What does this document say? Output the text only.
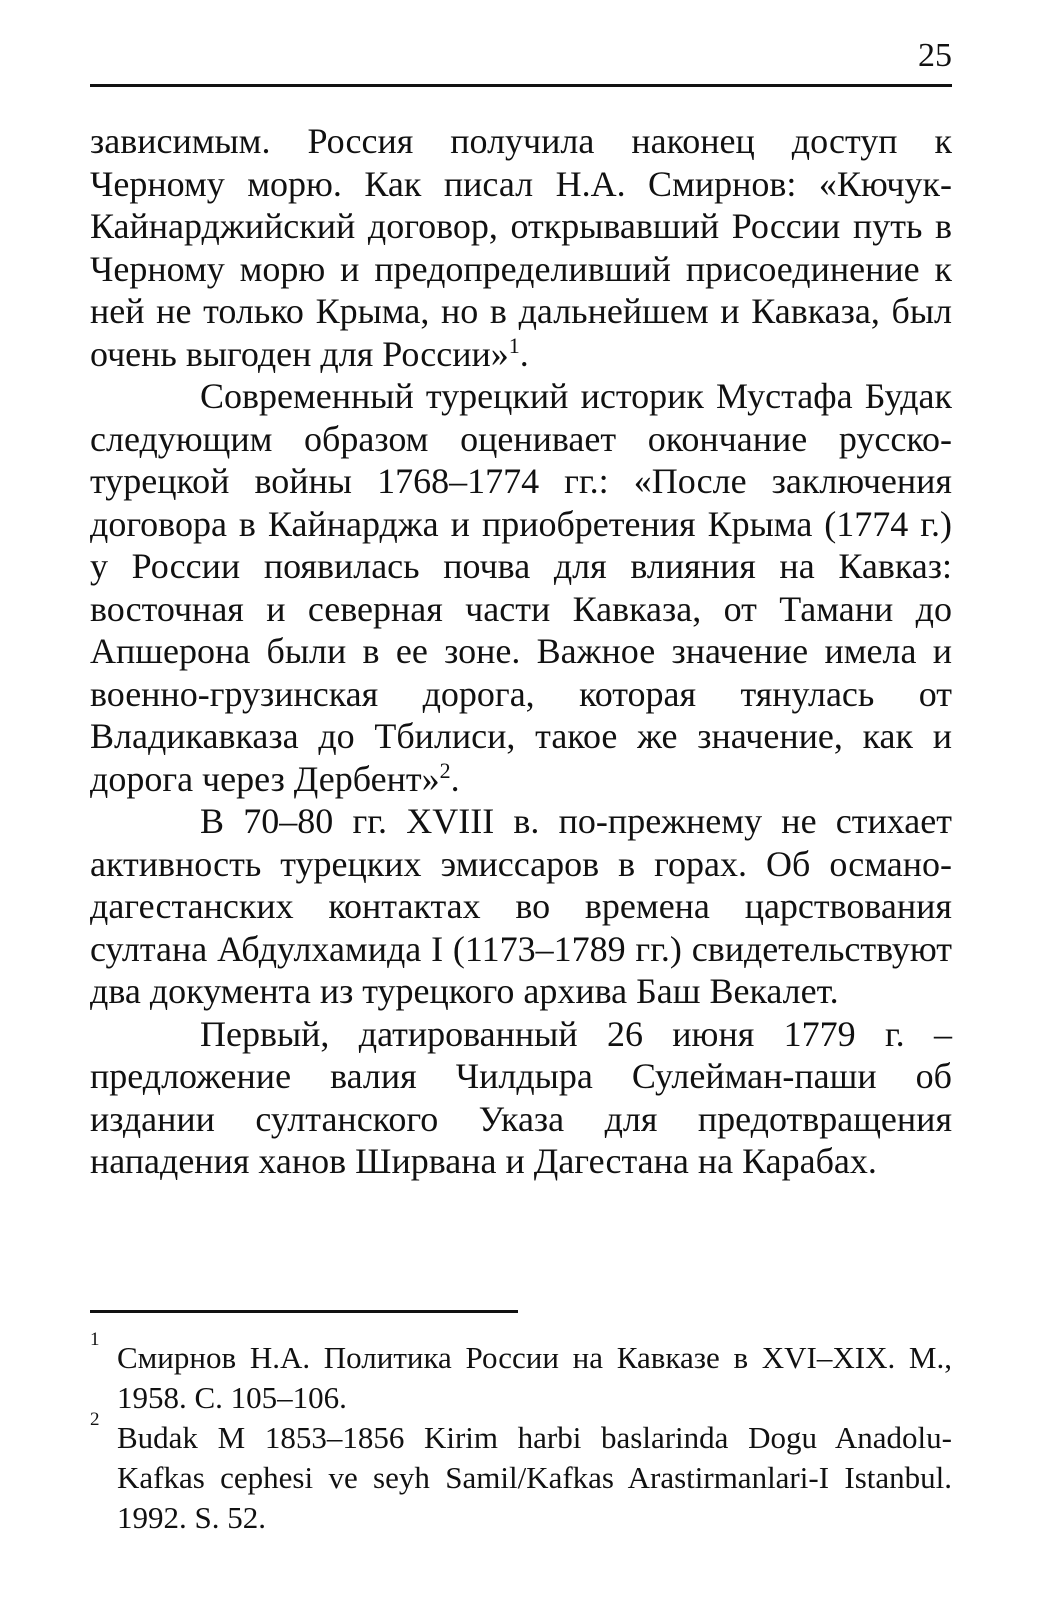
25

зависимым. Россия получила наконец доступ к Черному морю. Как писал Н.А. Смирнов: «Кючук-Кайнарджийский договор, открывавший России путь в Черному морю и предопределивший присоединение к ней не только Крыма, но в дальнейшем и Кавказа, был очень выгоден для России»$^1$.

Современный турецкий историк Мустафа Будак следующим образом оценивает окончание русско-турецкой войны 1768–1774 гг.: «После заключения договора в Кайнарджа и приобретения Крыма (1774 г.) у России появилась почва для влияния на Кавказ: восточная и северная части Кавказа, от Тамани до Апшерона были в ее зоне. Важное значение имела и военно-грузинская дорога, которая тянулась от Владикавказа до Тбилиси, такое же значение, как и дорога через Дербент»$^2$.

В 70–80 гг. XVIII в. по-прежнему не стихает активность турецких эмиссаров в горах. Об османо-дагестанских контактах во времена царствования султана Абдулхамида I (1173–1789 гг.) свидетельствуют два документа из турецкого архива Баш Векалет.

Первый, датированный 26 июня 1779 г. – предложение валия Чилдыра Сулейман-паши об издании султанского Указа для предотвращения нападения ханов Ширвана и Дагестана на Карабах.

1
Смирнов Н.А. Политика России на Кавказе в XVI–XIX. М., 1958. С. 105–106.

2
Budak M 1853–1856 Kirim harbi baslarinda Dogu Anadolu-Kafkas cephesi ve seyh Samil/Kafkas Arastirmanlari-I Istanbul. 1992. S. 52.
